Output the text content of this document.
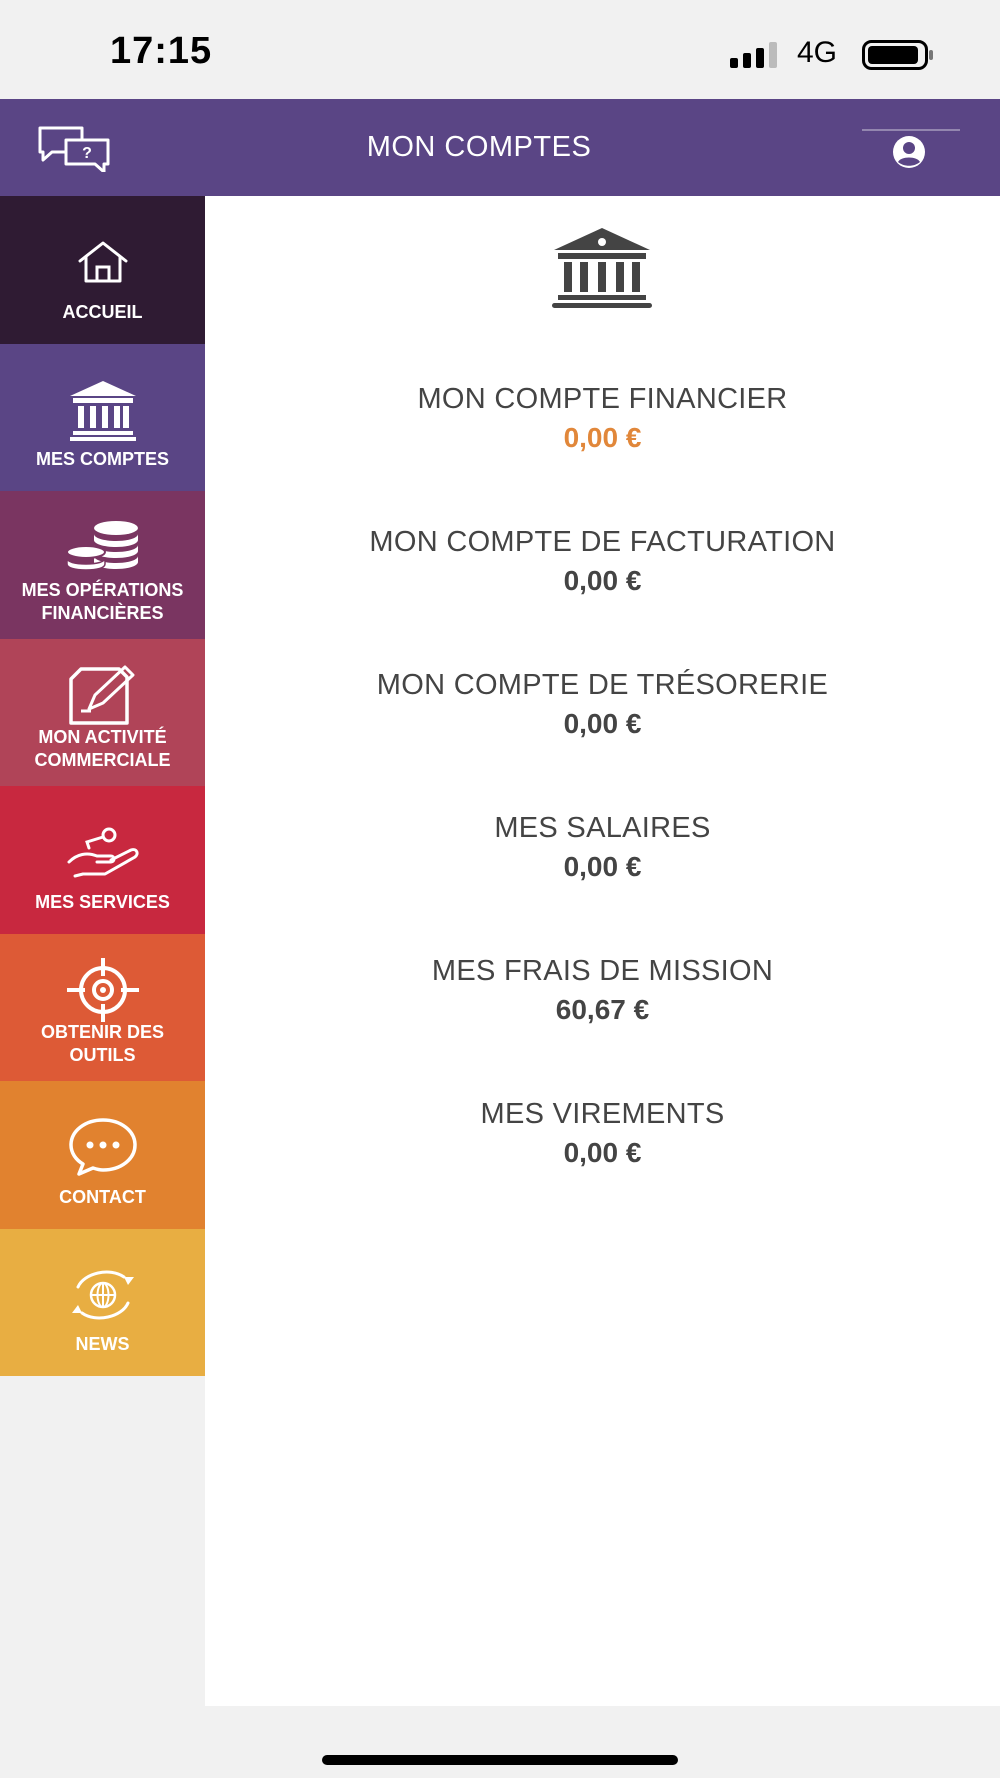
17:15	4G
?	MON COMPTES
ACCUEIL
MES COMPTES
MES OPÉRATIONS FINANCIÈRES
MON ACTIVITÉ COMMERCIALE
MES SERVICES
OBTENIR DES OUTILS
CONTACT
NEWS
MON COMPTE FINANCIER
0,00 €
MON COMPTE DE FACTURATION
0,00 €
MON COMPTE DE TRÉSORERIE
0,00 €
MES SALAIRES
0,00 €
MES FRAIS DE MISSION
60,67 €
MES VIREMENTS
0,00 €
